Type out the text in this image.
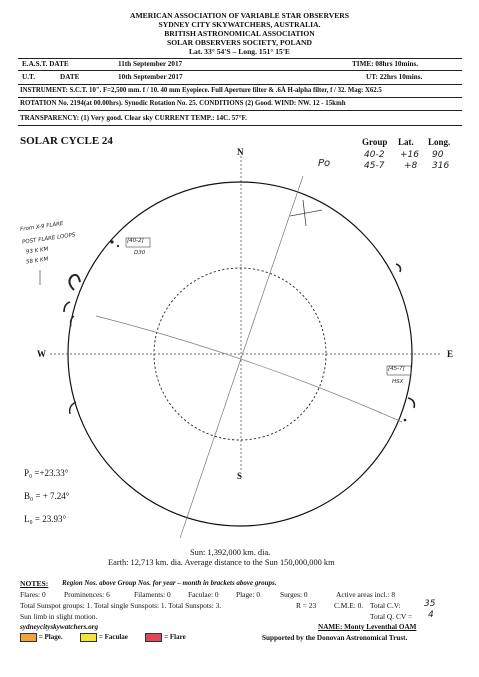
AMERICAN ASSOCIATION OF VARIABLE STAR OBSERVERS
SYDNEY CITY SKYWATCHERS, AUSTRALIA.
BRITISH ASTRONOMICAL ASSOCIATION
SOLAR OBSERVERS SOCIETY, POLAND
Lat. 33° 54'S – Long. 151° 15'E
E.A.S.T. DATE	11th September 2017	TIME: 08hrs 10mins.
U.T.	DATE	10th September 2017	UT: 22hrs 10mins.
INSTRUMENT: S.C.T. 10". F=2,500 mm. f / 10. 40 mm Eyepiece. Full Aperture filter & .6Å H-alpha filter, f / 32. Mag: X62.5
ROTATION No. 2194(at 00.00hrs). Synodic Rotation No. 25. CONDITIONS (2) Good. WIND: NW. 12 - 15kmh
TRANSPARENCY: (1) Very good. Clear sky CURRENT TEMP.: 14C. 57°F.
SOLAR CYCLE 24	Group Lat. Long.
40-2 +16 90
45-7 +8 316
N
S
W	E
Po
From X-9 FLARE
POST FLARE LOOPS
93 K KM
58 K KM
[40-2]
D30
[45-7]
HSX
P₀ =+23.33°
B₀ = + 7.24°
L₀ = 23.93°
Sun: 1,392,000 km. dia.
Earth: 12,713 km. dia. Average distance to the Sun 150,000,000 km
NOTES: Region Nos. above Group Nos. for year – month in brackets above groups.
Flares: 0 Prominences: 6	Filaments: 0 Faculae: 0 Plage: 0	Surges: 0	Active areas incl.: 8
Total Sunspot groups: 1. Total single Sunspots: 1. Total Sunspots: 3.	R = 23 C.M.E: 0. Total C.V:	35
Sun limb in slight motion.	Total Q. CV = 4
sydneycityskywatchers.org	NAME: Monty Leventhal OAM
= Plage.	= Faculae	= Flare	Supported by the Donovan Astronomical Trust.
